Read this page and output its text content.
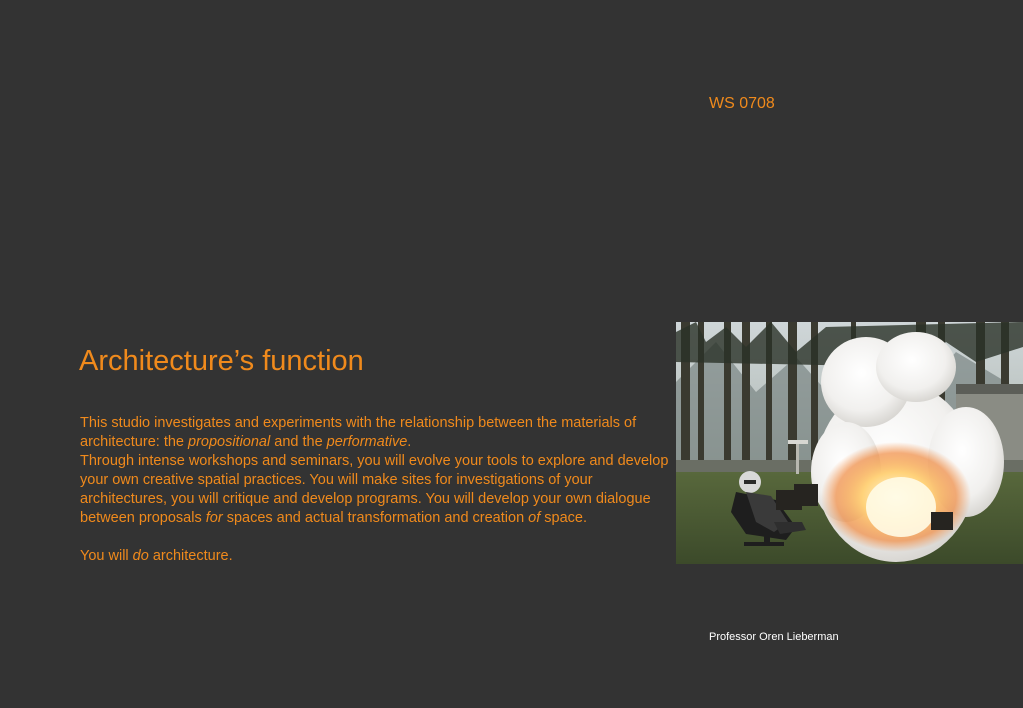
WS 0708
Architecture’s function

This studio investigates and experiments with the relationship between the materials of architecture: the propositional and the performative.

Through intense workshops and seminars, you will evolve your tools to explore and develop your own creative spatial practices. You will make sites for investigations of your architectures, you will critique and develop programs. You will develop your own dialogue between proposals for spaces and actual transformation and creation of space.

You will do architecture.

Professor Oren Lieberman
